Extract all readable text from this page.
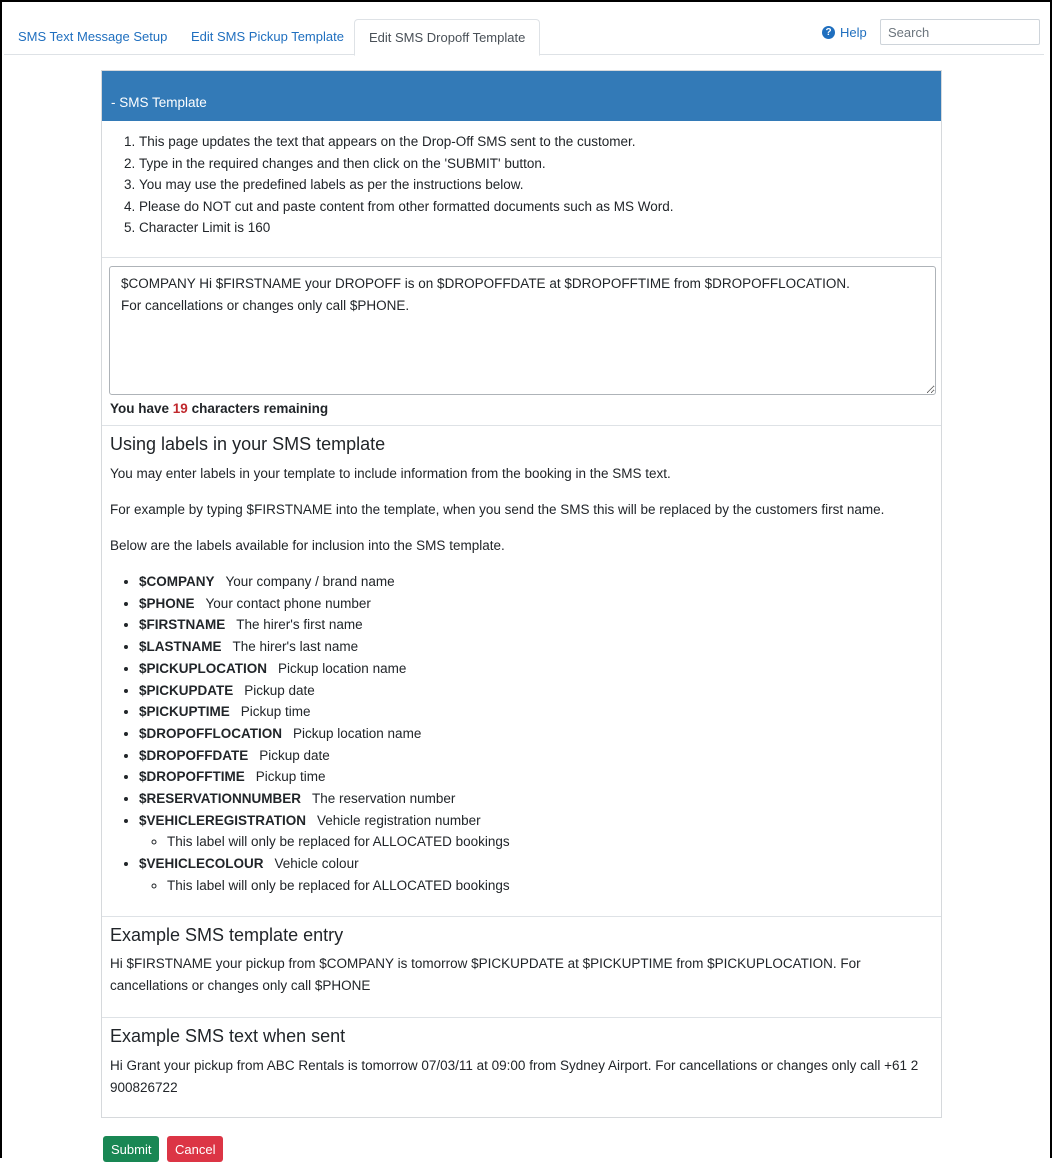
SMS Text Message Setup	Edit SMS Pickup Template	Edit SMS Dropoff Template	? Help
Search
- SMS Template
1. This page updates the text that appears on the Drop-Off SMS sent to the customer.
2. Type in the required changes and then click on the 'SUBMIT' button.
3. You may use the predefined labels as per the instructions below.
4. Please do NOT cut and paste content from other formatted documents such as MS Word.
5. Character Limit is 160
$COMPANY Hi $FIRSTNAME your DROPOFF is on $DROPOFFDATE at $DROPOFFTIME from $DROPOFFLOCATION. For cancellations or changes only call $PHONE.
You have 19 characters remaining
Using labels in your SMS template

You may enter labels in your template to include information from the booking in the SMS text.

For example by typing $FIRSTNAME into the template, when you send the SMS this will be replaced by the customers first name.

Below are the labels available for inclusion into the SMS template.

• $COMPANY Your company / brand name
• $PHONE Your contact phone number
• $FIRSTNAME The hirer's first name
• $LASTNAME The hirer's last name
• $PICKUPLOCATION Pickup location name
• $PICKUPDATE Pickup date
• $PICKUPTIME Pickup time
• $DROPOFFLOCATION Pickup location name
• $DROPOFFDATE Pickup date
• $DROPOFFTIME Pickup time
• $RESERVATIONNUMBER The reservation number
• $VEHICLEREGISTRATION Vehicle registration number
◦ This label will only be replaced for ALLOCATED bookings
• $VEHICLECOLOUR Vehicle colour
◦ This label will only be replaced for ALLOCATED bookings
Example SMS template entry

Hi $FIRSTNAME your pickup from $COMPANY is tomorrow $PICKUPDATE at $PICKUPTIME from $PICKUPLOCATION. For cancellations or changes only call $PHONE

Example SMS text when sent

Hi Grant your pickup from ABC Rentals is tomorrow 07/03/11 at 09:00 from Sydney Airport. For cancellations or changes only call +61 2 900826722

Submit	Cancel
